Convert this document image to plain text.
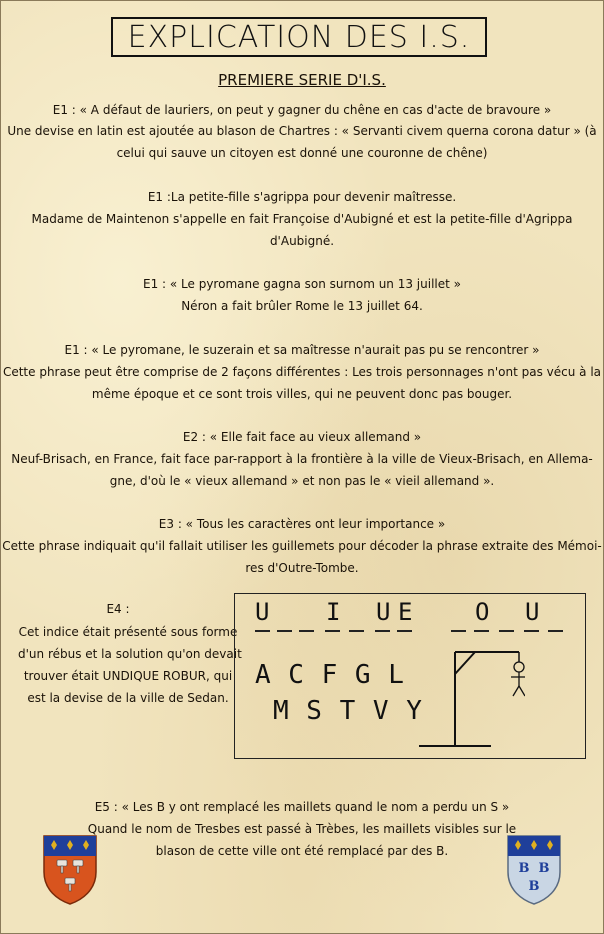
EXPLICATION DES I.S.
PREMIERE SERIE D'I.S.
E1 : « A défaut de lauriers, on peut y gagner du chêne en cas d'acte de bravoure »
Une devise en latin est ajoutée au blason de Chartres : « Servanti civem querna corona datur » (à
celui qui sauve un citoyen est donné une couronne de chêne)
E1 :La petite-fille s'agrippa pour devenir maîtresse.
Madame de Maintenon s'appelle en fait Françoise d'Aubigné et est la petite-fille d'Agrippa
d'Aubigné.
E1 : « Le pyromane gagna son surnom un 13 juillet »
Néron a fait brûler Rome le 13 juillet 64.
E1 : « Le pyromane, le suzerain et sa maîtresse n'aurait pas pu se rencontrer »
Cette phrase peut être comprise de 2 façons différentes : Les trois personnages n'ont pas vécu à la
même époque et ce sont trois villes, qui ne peuvent donc pas bouger.
E2 : « Elle fait face au vieux allemand »
Neuf-Brisach, en France, fait face par-rapport à la frontière à la ville de Vieux-Brisach, en Allema-
gne, d'où le « vieux allemand » et non pas le « vieil allemand ».
E3 : « Tous les caractères ont leur importance »
Cette phrase indiquait qu'il fallait utiliser les guillemets pour décoder la phrase extraite des Mémoi-
res d'Outre-Tombe.
E4 :
Cet indice était présenté sous forme
d'un rébus et la solution qu'on devait
trouver était UNDIQUE ROBUR, qui
est la devise de la ville de Sedan.
U I U E	O U
A C F G L
M S T V Y
E5 : « Les B y ont remplacé les maillets quand le nom a perdu un S »
Quand le nom de Tresbes est passé à Trèbes, les maillets visibles sur le
blason de cette ville ont été remplacé par des B.
B B
B
